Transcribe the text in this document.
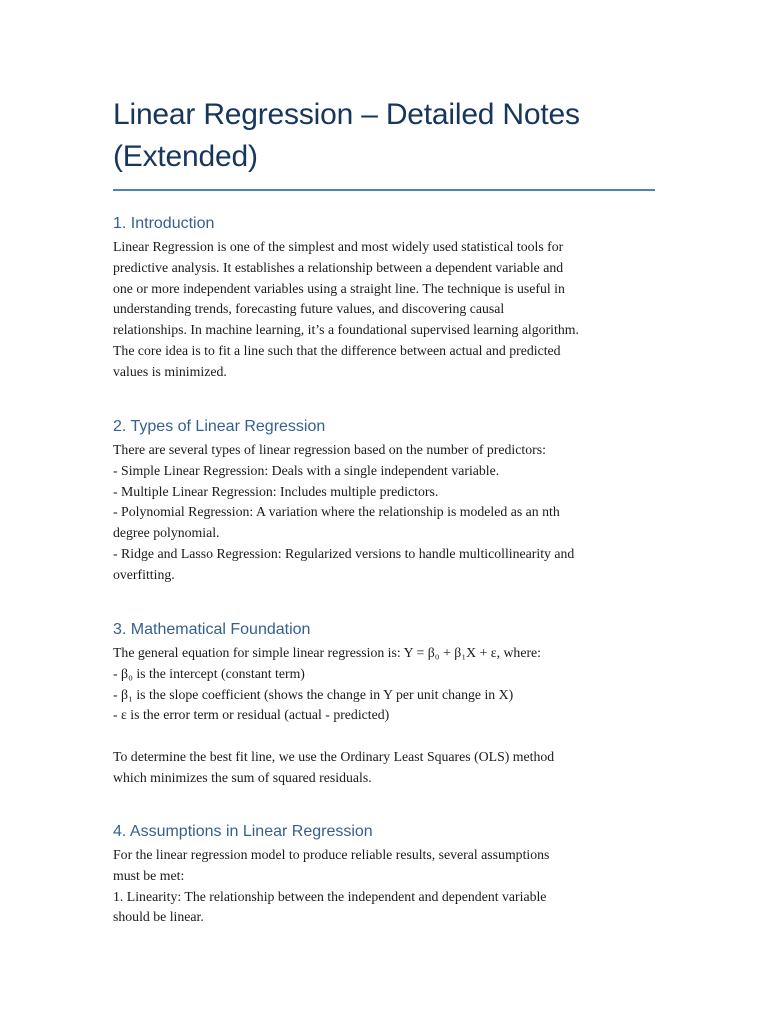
Linear Regression – Detailed Notes
(Extended)
1. Introduction

Linear Regression is one of the simplest and most widely used statistical tools for
predictive analysis. It establishes a relationship between a dependent variable and
one or more independent variables using a straight line. The technique is useful in
understanding trends, forecasting future values, and discovering causal
relationships. In machine learning, it’s a foundational supervised learning algorithm.
The core idea is to fit a line such that the difference between actual and predicted
values is minimized.

2. Types of Linear Regression

There are several types of linear regression based on the number of predictors:
- Simple Linear Regression: Deals with a single independent variable.
- Multiple Linear Regression: Includes multiple predictors.
- Polynomial Regression: A variation where the relationship is modeled as an nth
degree polynomial.
- Ridge and Lasso Regression: Regularized versions to handle multicollinearity and
overfitting.

3. Mathematical Foundation

The general equation for simple linear regression is: Y = β₀ + β₁X + ε, where:
- β₀ is the intercept (constant term)
- β₁ is the slope coefficient (shows the change in Y per unit change in X)
- ε is the error term or residual (actual - predicted)
To determine the best fit line, we use the Ordinary Least Squares (OLS) method
which minimizes the sum of squared residuals.

4. Assumptions in Linear Regression

For the linear regression model to produce reliable results, several assumptions
must be met:
1. Linearity: The relationship between the independent and dependent variable
should be linear.
